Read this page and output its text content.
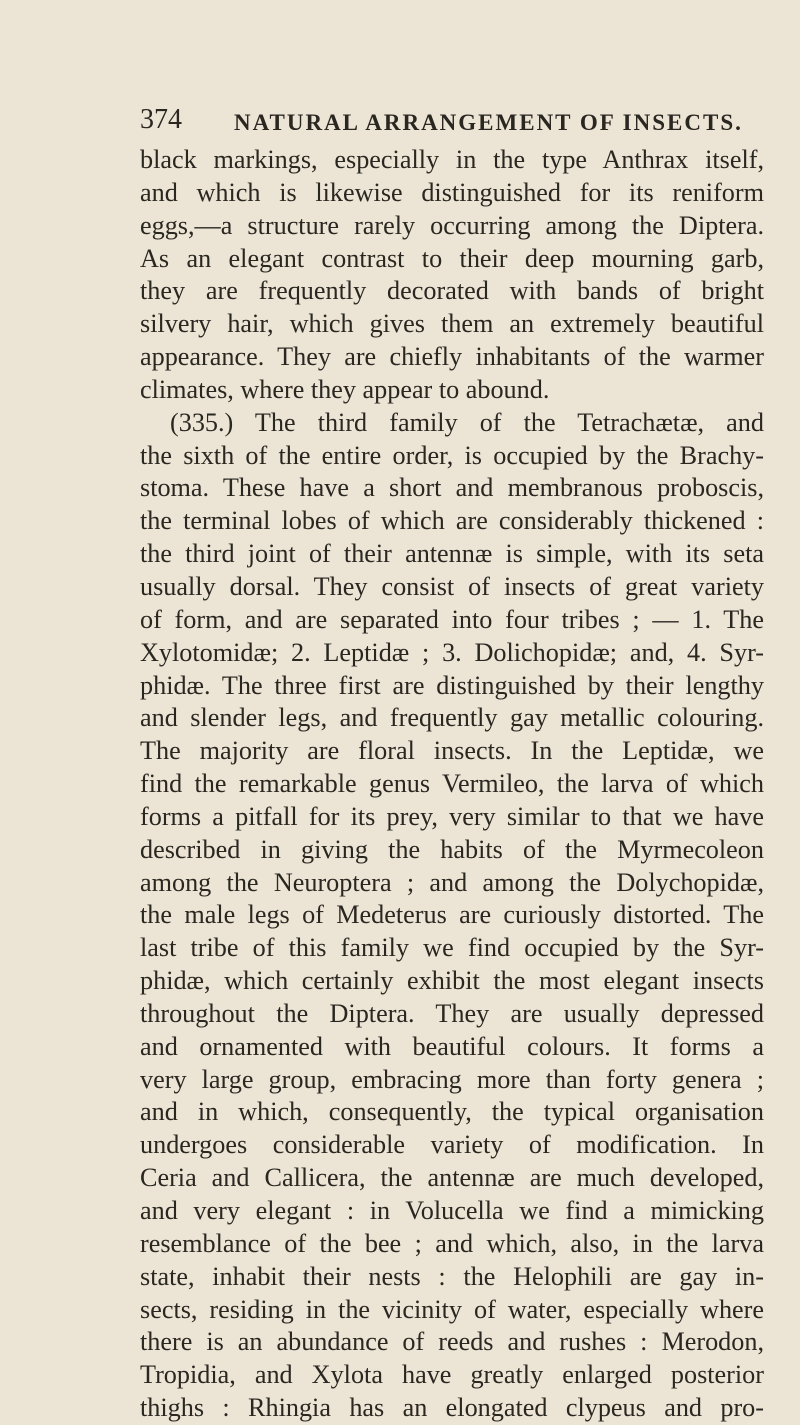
374 NATURAL ARRANGEMENT OF INSECTS.
black markings, especially in the type Anthrax itself,
and which is likewise distinguished for its reniform
eggs,—a structure rarely occurring among the Diptera.
As an elegant contrast to their deep mourning garb,
they are frequently decorated with bands of bright
silvery hair, which gives them an extremely beautiful
appearance. They are chiefly inhabitants of the warmer
climates, where they appear to abound.
(335.) The third family of the Tetrachætæ, and
the sixth of the entire order, is occupied by the Brachy-
stoma. These have a short and membranous proboscis,
the terminal lobes of which are considerably thickened :
the third joint of their antennæ is simple, with its seta
usually dorsal. They consist of insects of great variety
of form, and are separated into four tribes ; — 1. The
Xylotomidæ; 2. Leptidæ ; 3. Dolichopidæ; and, 4. Syr-
phidæ. The three first are distinguished by their lengthy
and slender legs, and frequently gay metallic colouring.
The majority are floral insects. In the Leptidæ, we
find the remarkable genus Vermileo, the larva of which
forms a pitfall for its prey, very similar to that we have
described in giving the habits of the Myrmecoleon
among the Neuroptera ; and among the Dolychopidæ,
the male legs of Medeterus are curiously distorted. The
last tribe of this family we find occupied by the Syr-
phidæ, which certainly exhibit the most elegant insects
throughout the Diptera. They are usually depressed
and ornamented with beautiful colours. It forms a
very large group, embracing more than forty genera ;
and in which, consequently, the typical organisation
undergoes considerable variety of modification. In
Ceria and Callicera, the antennæ are much developed,
and very elegant : in Volucella we find a mimicking
resemblance of the bee ; and which, also, in the larva
state, inhabit their nests : the Helophili are gay in-
sects, residing in the vicinity of water, especially where
there is an abundance of reeds and rushes : Merodon,
Tropidia, and Xylota have greatly enlarged posterior
thighs : Rhingia has an elongated clypeus and pro-
